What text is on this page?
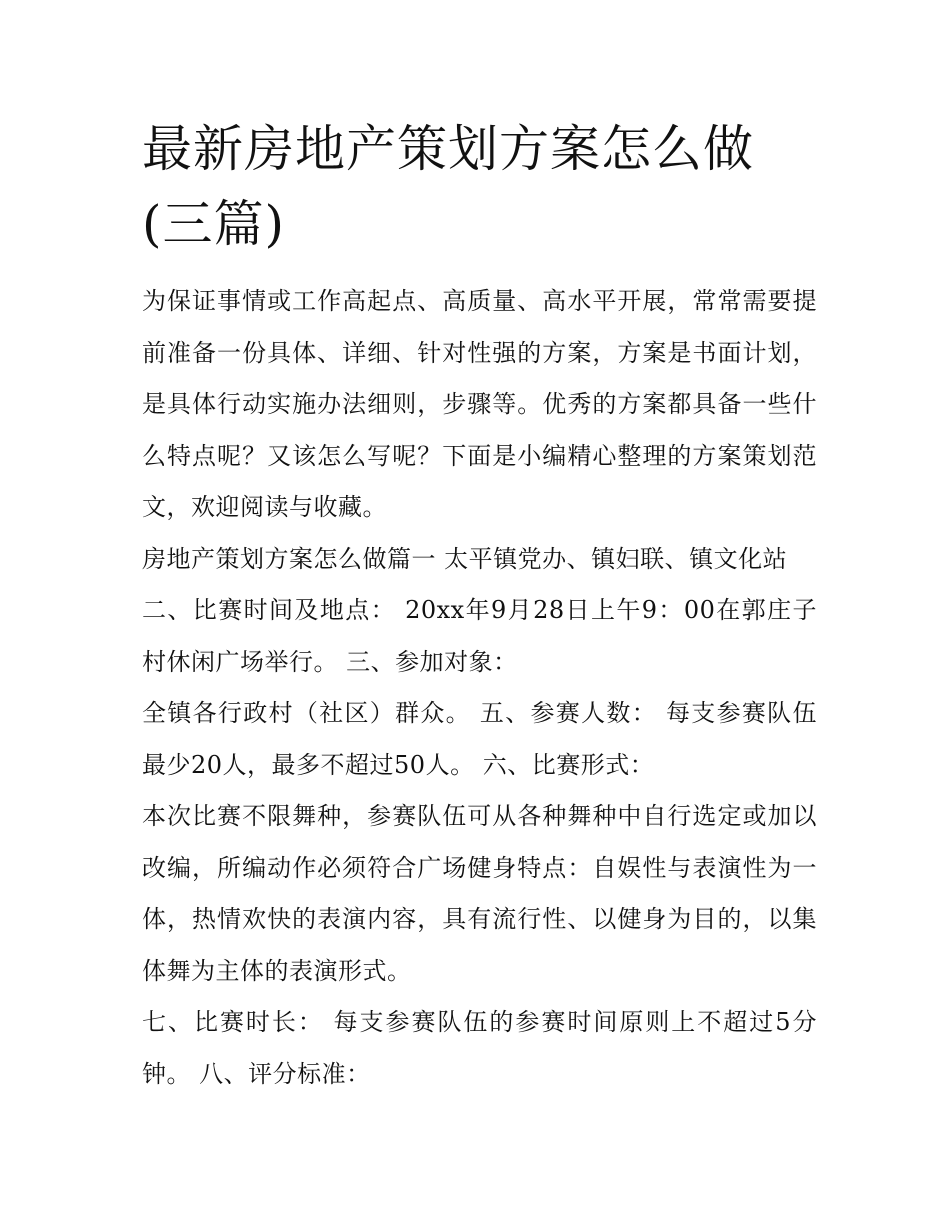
最新房地产策划方案怎么做(三篇)

为保证事情或工作高起点、高质量、高水平开展，常常需要提前准备一份具体、详细、针对性强的方案，方案是书面计划，是具体行动实施办法细则，步骤等。优秀的方案都具备一些什么特点呢？又该怎么写呢？下面是小编精心整理的方案策划范文，欢迎阅读与收藏。

房地产策划方案怎么做篇一 太平镇党办、镇妇联、镇文化站

二、比赛时间及地点： 20xx年9月28日上午9：00在郭庄子村休闲广场举行。 三、参加对象：

全镇各行政村（社区）群众。 五、参赛人数： 每支参赛队伍最少20人，最多不超过50人。 六、比赛形式：

本次比赛不限舞种，参赛队伍可从各种舞种中自行选定或加以改编，所编动作必须符合广场健身特点：自娱性与表演性为一体，热情欢快的表演内容，具有流行性、以健身为目的，以集体舞为主体的表演形式。

七、比赛时长： 每支参赛队伍的参赛时间原则上不超过5分钟。 八、评分标准：
